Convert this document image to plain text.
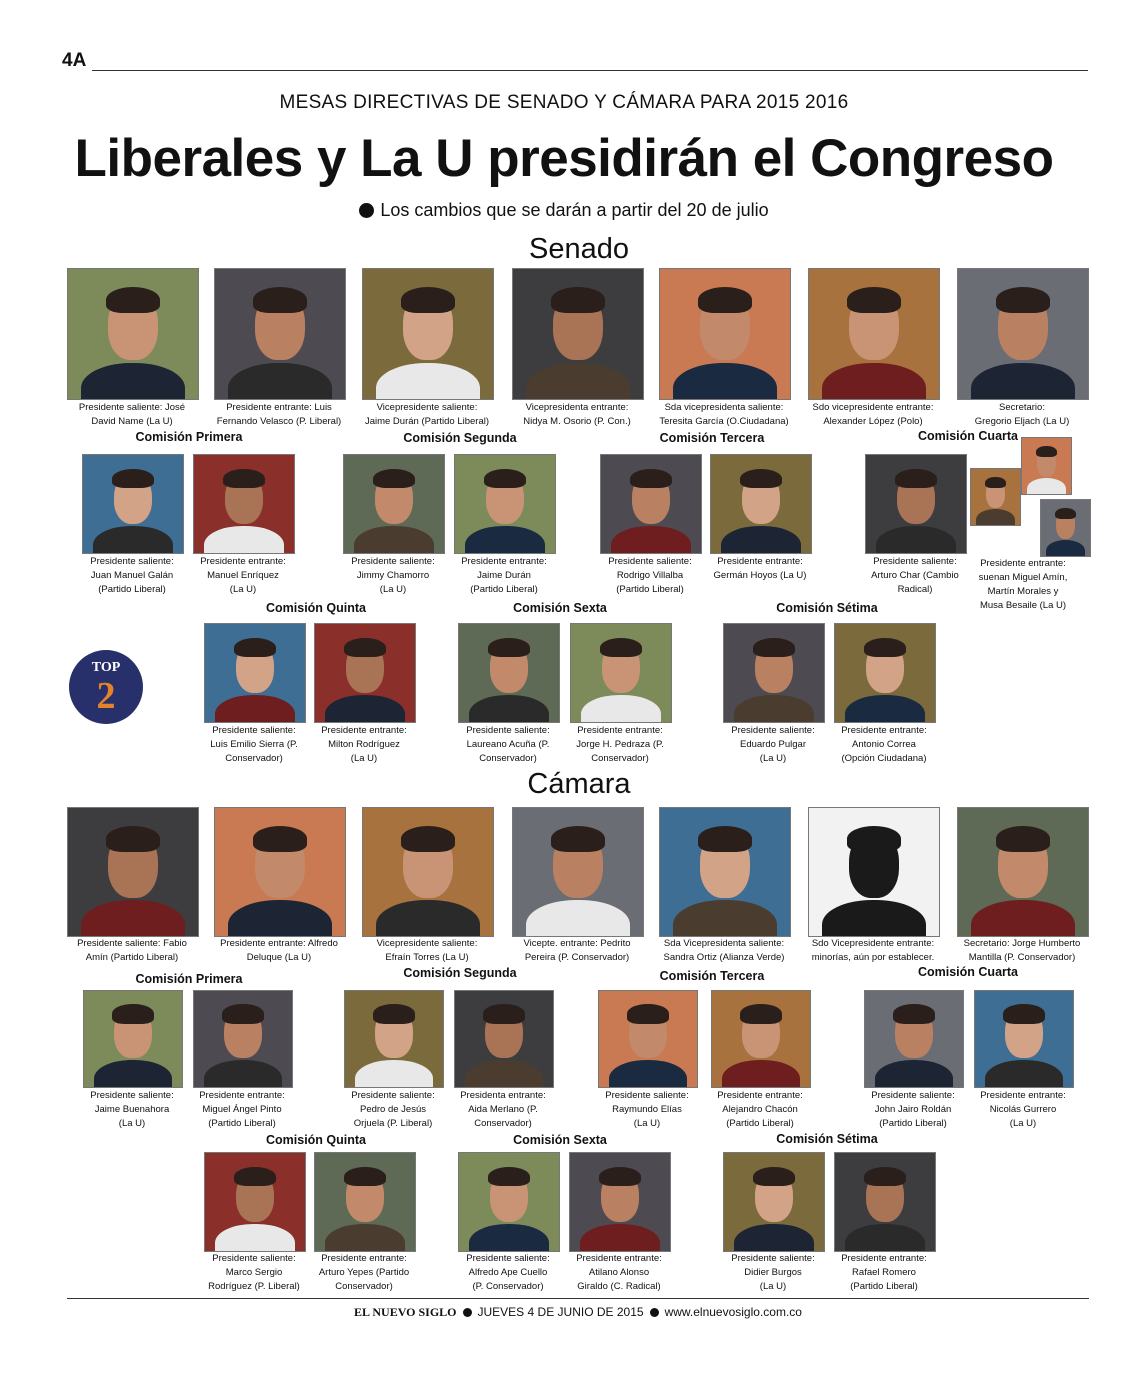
4A
MESAS DIRECTIVAS DE SENADO Y CÁMARA PARA 2015 2016
Liberales y La U presidirán el Congreso
Los cambios que se darán a partir del 20 de julio
Senado
Cámara
TOP
2
Presidente saliente: José
David Name (La U)
Presidente entrante: Luis
Fernando Velasco (P. Liberal)
Vicepresidente saliente:
Jaime Durán (Partido Liberal)
Vicepresidenta entrante:
Nidya M. Osorio (P. Con.)
Sda vicepresidenta saliente:
Teresita García (O.Ciudadana)
Sdo vicepresidente entrante:
Alexander López (Polo)
Secretario:
Gregorio Eljach (La U)
Comisión Primera	Comisión Segunda	Comisión Tercera	Comisión Cuarta
Presidente saliente:
Juan Manuel Galán
(Partido Liberal)
Presidente entrante:
Manuel Enríquez
(La U)
Presidente saliente:
Jimmy Chamorro
(La U)
Presidente entrante:
Jaime Durán
(Partido Liberal)
Presidente saliente:
Rodrigo Villalba
(Partido Liberal)
Presidente entrante:
Germán Hoyos (La U)
Presidente saliente:
Arturo Char (Cambio
Radical)
Presidente entrante:
suenan Miguel Amín,
Martín Morales y
Musa Besaile (La U)
Comisión Quinta	Comisión Sexta	Comisión Sétima
Presidente saliente:
Luis Emilio Sierra (P.
Conservador)
Presidente entrante:
Milton Rodríguez
(La U)
Presidente saliente:
Laureano Acuña (P.
Conservador)
Presidente entrante:
Jorge H. Pedraza (P.
Conservador)
Presidente saliente:
Eduardo Pulgar
(La U)
Presidente entrante:
Antonio Correa
(Opción Ciudadana)
Presidente saliente: Fabio
Amín (Partido Liberal)
Presidente entrante: Alfredo
Deluque (La U)
Vicepresidente saliente:
Efraín Torres (La U)
Vicepte. entrante: Pedrito
Pereira (P. Conservador)
Sda Vicepresidenta saliente:
Sandra Ortiz (Alianza Verde)
Sdo Vicepresidente entrante:
minorías, aún por establecer.
Secretario: Jorge Humberto
Mantilla (P. Conservador)
Comisión Primera	Comisión Segunda	Comisión Tercera	Comisión Cuarta
Presidente saliente:
Jaime Buenahora
(La U)
Presidente entrante:
Miguel Ángel Pinto
(Partido Liberal)
Presidente saliente:
Pedro de Jesús
Orjuela (P. Liberal)
Presidenta entrante:
Aida Merlano (P.
Conservador)
Presidente saliente:
Raymundo Elías
(La U)
Presidente entrante:
Alejandro Chacón
(Partido Liberal)
Presidente saliente:
John Jairo Roldán
(Partido Liberal)
Presidente entrante:
Nicolás Gurrero
(La U)
Comisión Quinta	Comisión Sexta	Comisión Sétima
Presidente saliente:
Marco Sergio
Rodríguez (P. Liberal)
Presidente entrante:
Arturo Yepes (Partido
Conservador)
Presidente saliente:
Alfredo Ape Cuello
(P. Conservador)
Presidente entrante:
Atilano Alonso
Giraldo (C. Radical)
Presidente saliente:
Didier Burgos
(La U)
Presidente entrante:
Rafael Romero
(Partido Liberal)
EL NUEVO SIGLO JUEVES 4 DE JUNIO DE 2015 www.elnuevosiglo.com.co
